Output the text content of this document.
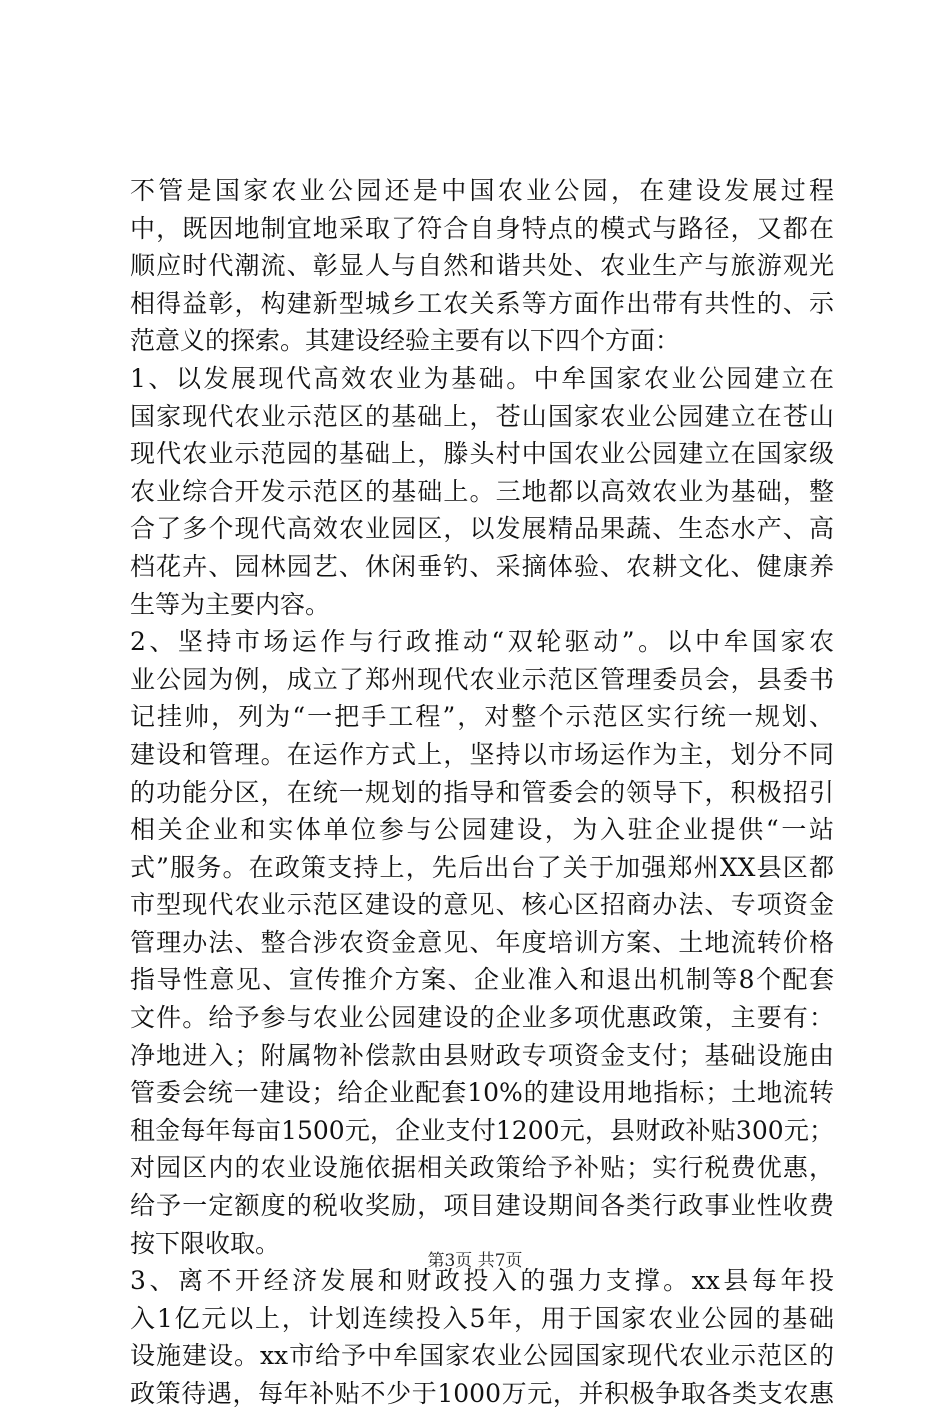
不管是国家农业公园还是中国农业公园，在建设发展过程
中，既因地制宜地采取了符合自身特点的模式与路径，又都在
顺应时代潮流、彰显人与自然和谐共处、农业生产与旅游观光
相得益彰，构建新型城乡工农关系等方面作出带有共性的、示
范意义的探索。其建设经验主要有以下四个方面：
1、以发展现代高效农业为基础。中牟国家农业公园建立在
国家现代农业示范区的基础上，苍山国家农业公园建立在苍山
现代农业示范园的基础上，滕头村中国农业公园建立在国家级
农业综合开发示范区的基础上。三地都以高效农业为基础，整
合了多个现代高效农业园区，以发展精品果蔬、生态水产、高
档花卉、园林园艺、休闲垂钓、采摘体验、农耕文化、健康养
生等为主要内容。
2、坚持市场运作与行政推动“双轮驱动”。以中牟国家农
业公园为例，成立了郑州现代农业示范区管理委员会，县委书
记挂帅，列为“一把手工程”，对整个示范区实行统一规划、
建设和管理。在运作方式上，坚持以市场运作为主，划分不同
的功能分区，在统一规划的指导和管委会的领导下，积极招引
相关企业和实体单位参与公园建设，为入驻企业提供“一站
式”服务。在政策支持上，先后出台了关于加强郑州XX县区都
市型现代农业示范区建设的意见、核心区招商办法、专项资金
管理办法、整合涉农资金意见、年度培训方案、土地流转价格
指导性意见、宣传推介方案、企业准入和退出机制等8个配套
文件。给予参与农业公园建设的企业多项优惠政策，主要有：
净地进入；附属物补偿款由县财政专项资金支付；基础设施由
管委会统一建设；给企业配套10%的建设用地指标；土地流转
租金每年每亩1500元，企业支付1200元，县财政补贴300元；
对园区内的农业设施依据相关政策给予补贴；实行税费优惠，
给予一定额度的税收奖励，项目建设期间各类行政事业性收费
按下限收取。
3、离不开经济发展和财政投入的强力支撑。xx县每年投
入1亿元以上，计划连续投入5年，用于国家农业公园的基础
设施建设。xx市给予中牟国家农业公园国家现代农业示范区的
政策待遇，每年补贴不少于1000万元，并积极争取各类支农惠
第3页 共7页
